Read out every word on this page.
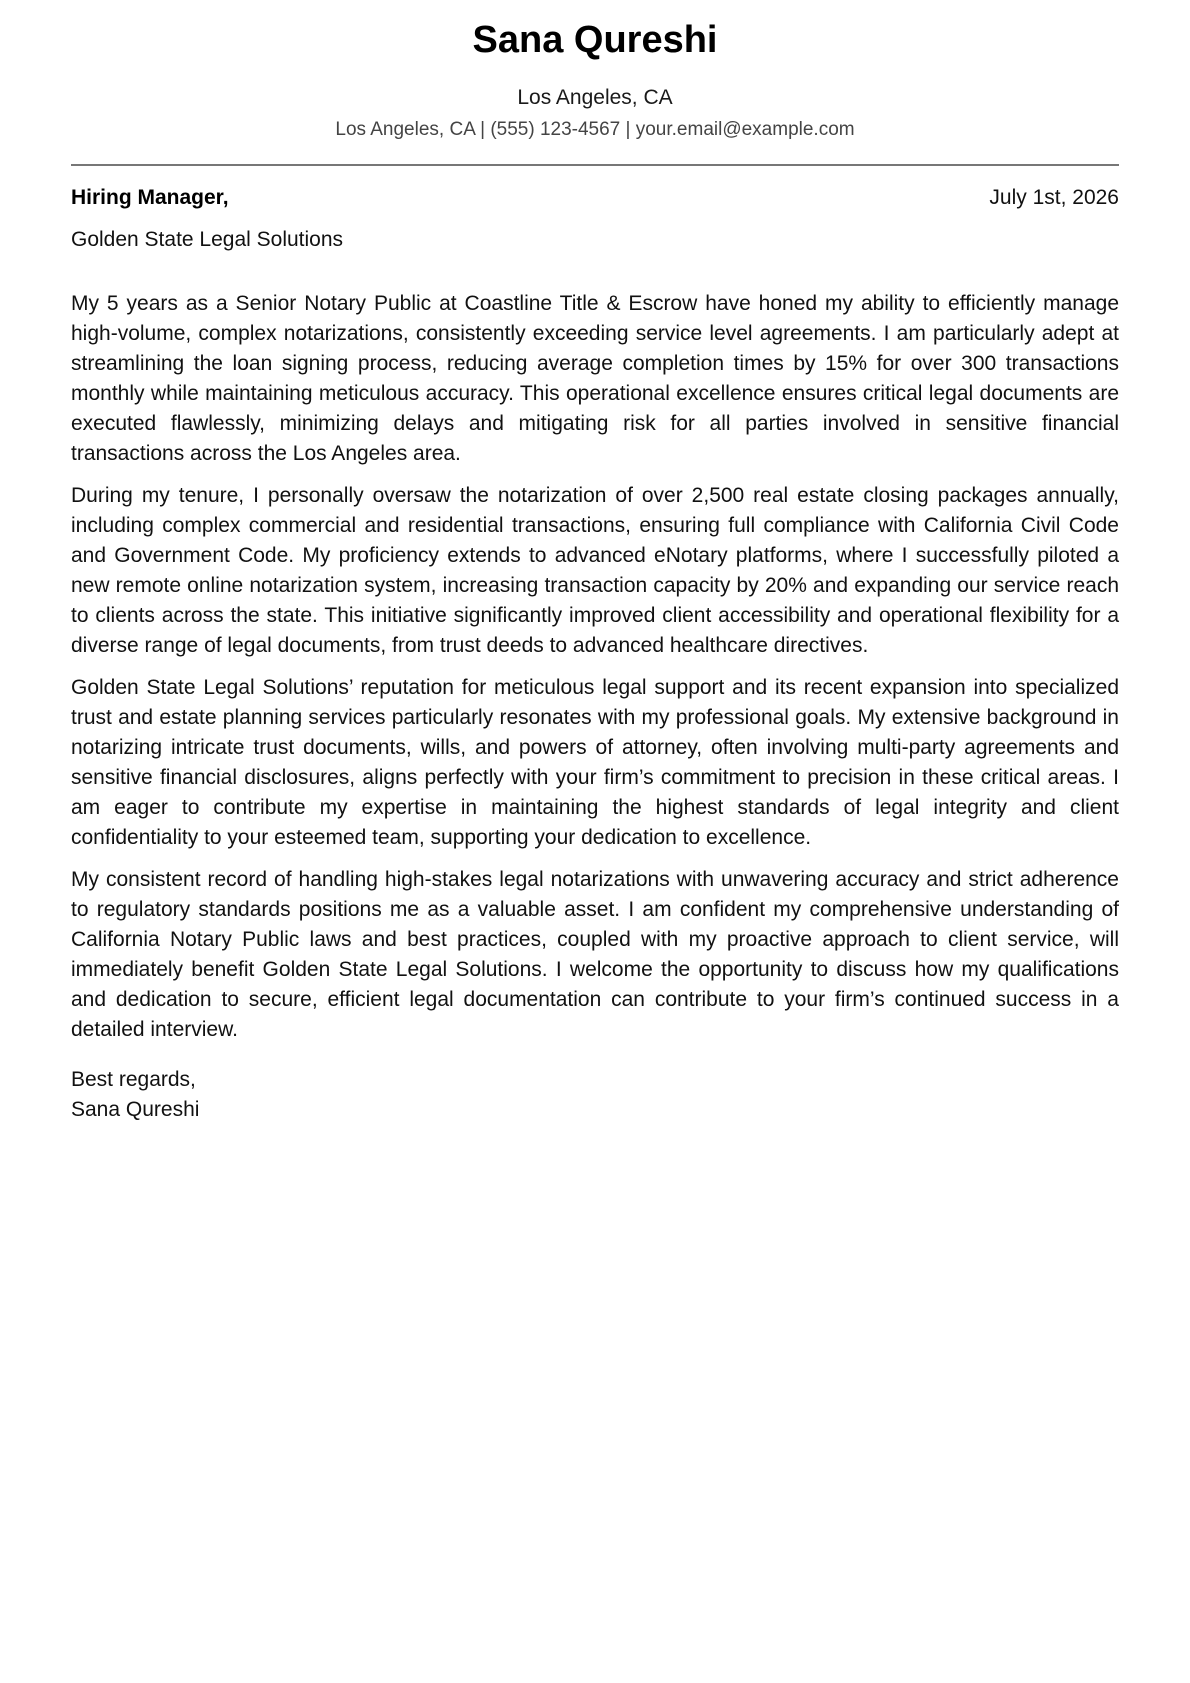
Sana Qureshi
Los Angeles, CA
Los Angeles, CA | (555) 123-4567 | your.email@example.com
Hiring Manager,	July 1st, 2026
Golden State Legal Solutions

My 5 years as a Senior Notary Public at Coastline Title & Escrow have honed my ability to efficiently manage high-volume, complex notarizations, consistently exceeding service level agreements. I am particularly adept at streamlining the loan signing process, reducing average completion times by 15% for over 300 transactions monthly while maintaining meticulous accuracy. This operational excellence ensures critical legal documents are executed flawlessly, minimizing delays and mitigating risk for all parties involved in sensitive financial transactions across the Los Angeles area.

During my tenure, I personally oversaw the notarization of over 2,500 real estate closing packages annually, including complex commercial and residential transactions, ensuring full compliance with California Civil Code and Government Code. My proficiency extends to advanced eNotary platforms, where I successfully piloted a new remote online notarization system, increasing transaction capacity by 20% and expanding our service reach to clients across the state. This initiative significantly improved client accessibility and operational flexibility for a diverse range of legal documents, from trust deeds to advanced healthcare directives.

Golden State Legal Solutions’ reputation for meticulous legal support and its recent expansion into specialized trust and estate planning services particularly resonates with my professional goals. My extensive background in notarizing intricate trust documents, wills, and powers of attorney, often involving multi-party agreements and sensitive financial disclosures, aligns perfectly with your firm’s commitment to precision in these critical areas. I am eager to contribute my expertise in maintaining the highest standards of legal integrity and client confidentiality to your esteemed team, supporting your dedication to excellence.

My consistent record of handling high-stakes legal notarizations with unwavering accuracy and strict adherence to regulatory standards positions me as a valuable asset. I am confident my comprehensive understanding of California Notary Public laws and best practices, coupled with my proactive approach to client service, will immediately benefit Golden State Legal Solutions. I welcome the opportunity to discuss how my qualifications and dedication to secure, efficient legal documentation can contribute to your firm’s continued success in a detailed interview.

Best regards,
Sana Qureshi
